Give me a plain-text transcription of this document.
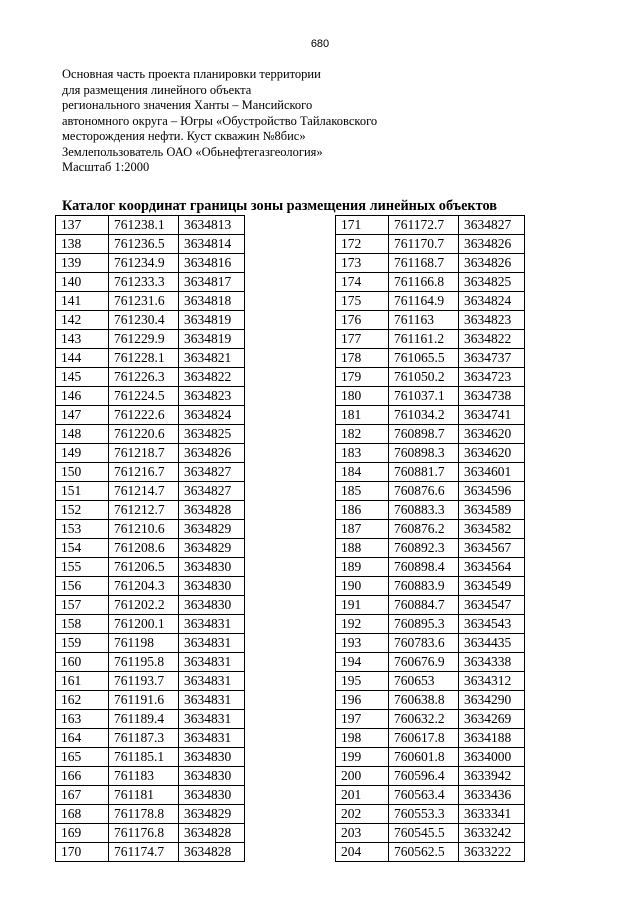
680
Основная часть проекта планировки территории
для размещения линейного объекта
регионального значения Ханты – Мансийского
автономного округа – Югры «Обустройство Тайлаковского
месторождения нефти. Куст скважин №8бис»
Землепользователь ОАО «Обьнефтегазгеология»
Масштаб 1:2000
Каталог координат границы зоны размещения линейных объектов
137	761238.1	3634813
138	761236.5	3634814
139	761234.9	3634816
140	761233.3	3634817
141	761231.6	3634818
142	761230.4	3634819
143	761229.9	3634819
144	761228.1	3634821
145	761226.3	3634822
146	761224.5	3634823
147	761222.6	3634824
148	761220.6	3634825
149	761218.7	3634826
150	761216.7	3634827
151	761214.7	3634827
152	761212.7	3634828
153	761210.6	3634829
154	761208.6	3634829
155	761206.5	3634830
156	761204.3	3634830
157	761202.2	3634830
158	761200.1	3634831
159	761198	3634831
160	761195.8	3634831
161	761193.7	3634831
162	761191.6	3634831
163	761189.4	3634831
164	761187.3	3634831
165	761185.1	3634830
166	761183	3634830
167	761181	3634830
168	761178.8	3634829
169	761176.8	3634828
170	761174.7	3634828
171	761172.7	3634827
172	761170.7	3634826
173	761168.7	3634826
174	761166.8	3634825
175	761164.9	3634824
176	761163	3634823
177	761161.2	3634822
178	761065.5	3634737
179	761050.2	3634723
180	761037.1	3634738
181	761034.2	3634741
182	760898.7	3634620
183	760898.3	3634620
184	760881.7	3634601
185	760876.6	3634596
186	760883.3	3634589
187	760876.2	3634582
188	760892.3	3634567
189	760898.4	3634564
190	760883.9	3634549
191	760884.7	3634547
192	760895.3	3634543
193	760783.6	3634435
194	760676.9	3634338
195	760653	3634312
196	760638.8	3634290
197	760632.2	3634269
198	760617.8	3634188
199	760601.8	3634000
200	760596.4	3633942
201	760563.4	3633436
202	760553.3	3633341
203	760545.5	3633242
204	760562.5	3633222
